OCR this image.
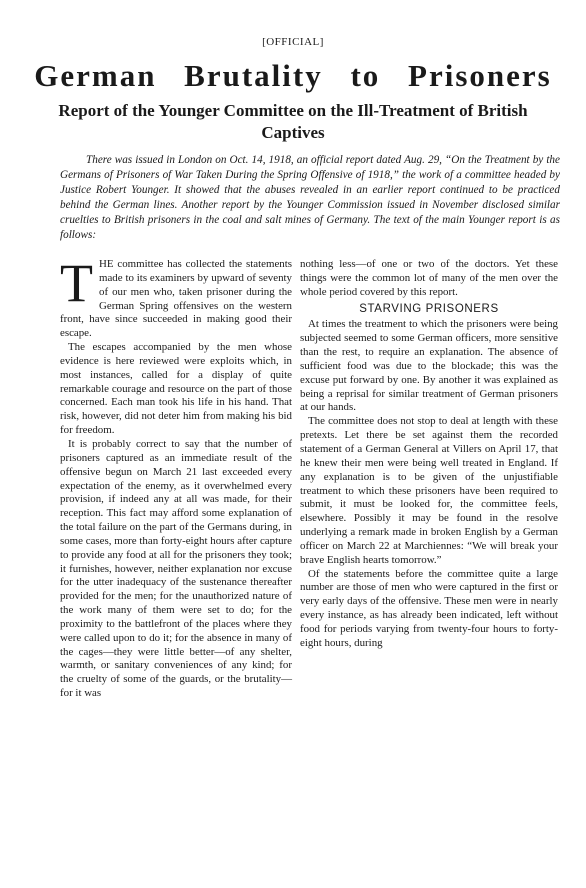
[OFFICIAL]
German Brutality to Prisoners
Report of the Younger Committee on the Ill-Treatment of British Captives
There was issued in London on Oct. 14, 1918, an official report dated Aug. 29, “On the Treatment by the Germans of Prisoners of War Taken During the Spring Offensive of 1918,” the work of a committee headed by Justice Robert Younger. It showed that the abuses revealed in an earlier report continued to be practiced behind the German lines. Another report by the Younger Commission issued in November disclosed similar cruelties to British prisoners in the coal and salt mines of Germany. The text of the main Younger report is as follows:

THE committee has collected the statements made to its examiners by upward of seventy of our men who, taken prisoner during the German Spring offensives on the western front, have since succeeded in making good their escape.

The escapes accompanied by the men whose evidence is here reviewed were exploits which, in most instances, called for a display of quite remarkable courage and resource on the part of those concerned. Each man took his life in his hand. That risk, however, did not deter him from making his bid for freedom.

It is probably correct to say that the number of prisoners captured as an immediate result of the offensive begun on March 21 last exceeded every expectation of the enemy, as it overwhelmed every provision, if indeed any at all was made, for their reception. This fact may afford some explanation of the total failure on the part of the Germans during, in some cases, more than forty-eight hours after capture to provide any food at all for the prisoners they took; it furnishes, however, neither explanation nor excuse for the utter inadequacy of the sustenance thereafter provided for the men; for the unauthorized nature of the work many of them were set to do; for the proximity to the battlefront of the places where they were called upon to do it; for the absence in many of the cages—they were little better—of any shelter, warmth, or sanitary conveniences of any kind; for the cruelty of some of the guards, or the brutality—for it was

nothing less—of one or two of the doctors. Yet these things were the common lot of many of the men over the whole period covered by this report.

STARVING PRISONERS

At times the treatment to which the prisoners were being subjected seemed to some German officers, more sensitive than the rest, to require an explanation. The absence of sufficient food was due to the blockade; this was the excuse put forward by one. By another it was explained as being a reprisal for similar treatment of German prisoners at our hands.

The committee does not stop to deal at length with these pretexts. Let there be set against them the recorded statement of a German General at Villers on April 17, that he knew their men were being well treated in England. If any explanation is to be given of the unjustifiable treatment to which these prisoners have been required to submit, it must be looked for, the committee feels, elsewhere. Possibly it may be found in the resolve underlying a remark made in broken English by a German officer on March 22 at Marchiennes: “We will break your brave English hearts tomorrow.”

Of the statements before the committee quite a large number are those of men who were captured in the first or very early days of the offensive. These men were in nearly every instance, as has already been indicated, left without food for periods varying from twenty-four hours to forty-eight hours, during
